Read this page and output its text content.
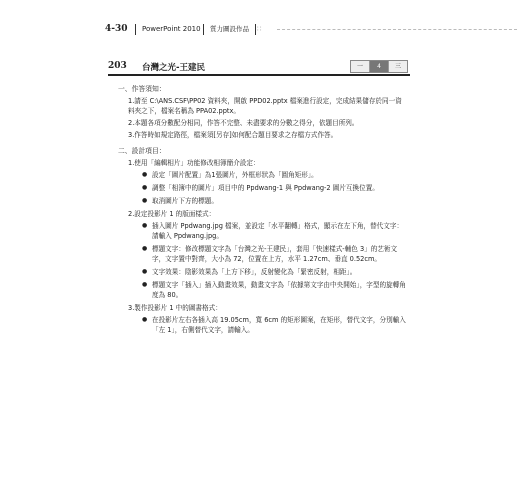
4-30	PowerPoint 2010	質力圖設作品	∷
203 台灣之光-王建民	一	4	三
一、作答須知：
1.請至 C:\ANS.CSF\PP02 資料夾，開啟 PPD02.pptx 檔案進行設定，完成結果儲存於同一資料夾之下，檔案名稱為 PPA02.pptx。
2.本題各項分數配分相同，作答不完整、未盡要求的分數之得分，依題目所列。
3.作答時如規定路徑，檔案須[另存]如何配合題目要求之存檔方式作答。
二、設計項目：
1.使用「編輯相片」功能修改相簿簡介設定：
● 設定「圖片配置」為1張圖片，外框形狀為「圓角矩形」。
● 調整「相簿中的圖片」項目中的 Ppdwang-1 與 Ppdwang-2 圖片互換位置。
● 取消圖片下方的標題。
2.設定投影片 1 的版面樣式：
● 插入圖片 Ppdwang.jpg 檔案，並設定「水平翻轉」格式，顯示在左下角，替代文字：請輸入 Ppdwang.jpg。
● 標題文字：修改標題文字為「台灣之光-王建民」，套用「快速樣式-輔色 3」的艺術文字，文字置中對齊，大小為 72，位置在上方，水平 1.27cm、垂直 0.52cm。
● 文字效果：陰影效果為「上方下移」，反射變化為「緊密反射，相距」。
● 標題文字「插入」插入動畫效果，動畫文字為「依據第文字由中央開始」，字型的旋轉角度為 80。
3.製作投影片 1 中的圖書格式：
● 在投影片左右各插入高 19.05cm，寬 6cm 的矩形圖案，在矩形，替代文字，分別輸入「左 1」，右側替代文字，請輸入。
